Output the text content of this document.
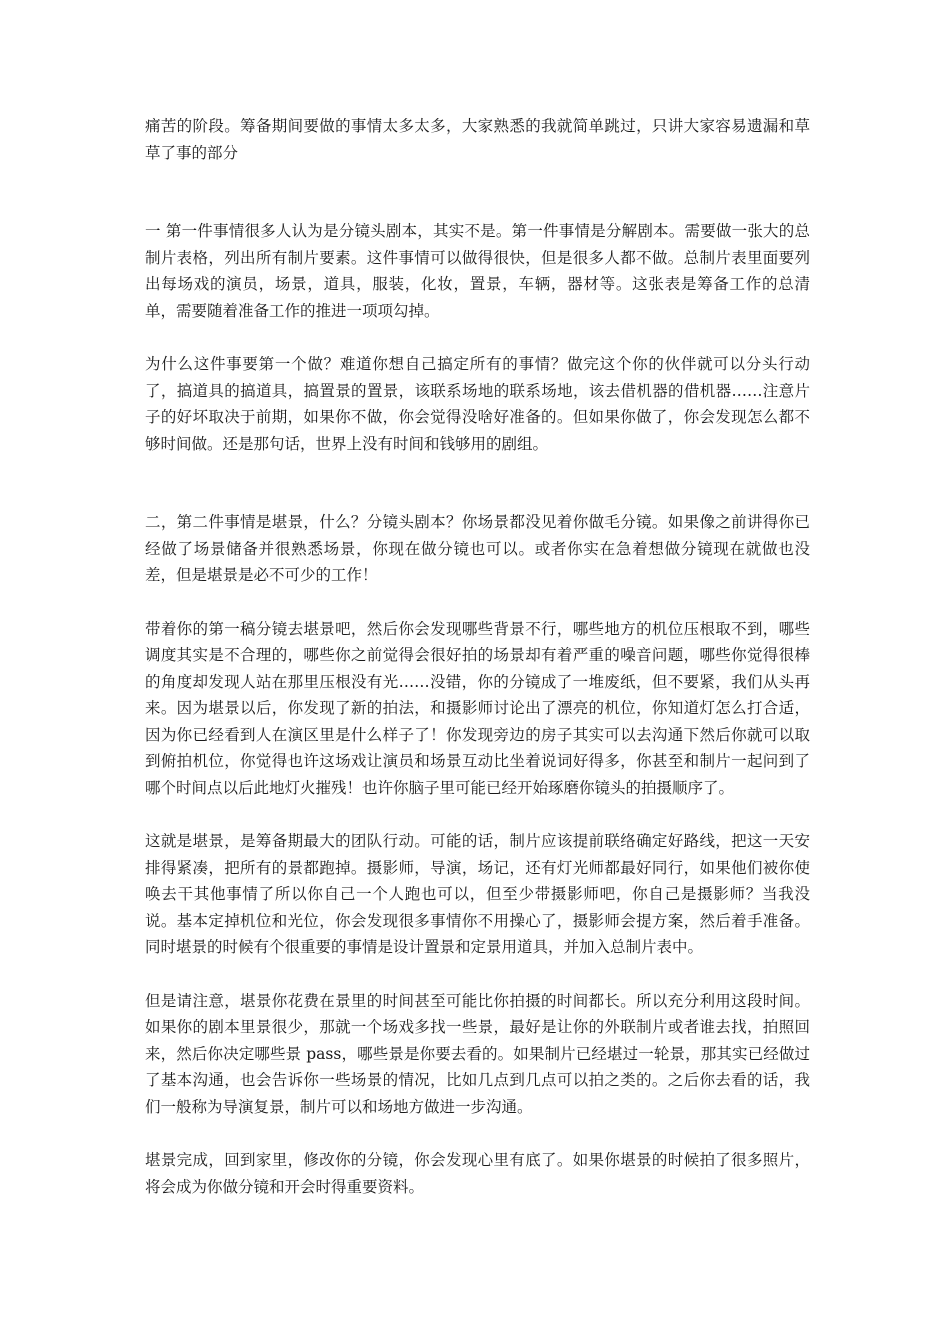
痛苦的阶段。筹备期间要做的事情太多太多，大家熟悉的我就简单跳过，只讲大家容易遗漏和草草了事的部分

一 第一件事情很多人认为是分镜头剧本，其实不是。第一件事情是分解剧本。需要做一张大的总制片表格，列出所有制片要素。这件事情可以做得很快，但是很多人都不做。总制片表里面要列出每场戏的演员，场景，道具，服装，化妆，置景，车辆，器材等。这张表是筹备工作的总清单，需要随着准备工作的推进一项项勾掉。

为什么这件事要第一个做？难道你想自己搞定所有的事情？做完这个你的伙伴就可以分头行动了，搞道具的搞道具，搞置景的置景，该联系场地的联系场地，该去借机器的借机器……注意片子的好坏取决于前期，如果你不做，你会觉得没啥好准备的。但如果你做了，你会发现怎么都不够时间做。还是那句话，世界上没有时间和钱够用的剧组。

二，第二件事情是堪景，什么？分镜头剧本？你场景都没见着你做毛分镜。如果像之前讲得你已经做了场景储备并很熟悉场景，你现在做分镜也可以。或者你实在急着想做分镜现在就做也没差，但是堪景是必不可少的工作！

带着你的第一稿分镜去堪景吧，然后你会发现哪些背景不行，哪些地方的机位压根取不到，哪些调度其实是不合理的，哪些你之前觉得会很好拍的场景却有着严重的噪音问题，哪些你觉得很棒的角度却发现人站在那里压根没有光……没错，你的分镜成了一堆废纸，但不要紧，我们从头再来。因为堪景以后，你发现了新的拍法，和摄影师讨论出了漂亮的机位，你知道灯怎么打合适，因为你已经看到人在演区里是什么样子了！你发现旁边的房子其实可以去沟通下然后你就可以取到俯拍机位，你觉得也许这场戏让演员和场景互动比坐着说词好得多，你甚至和制片一起问到了哪个时间点以后此地灯火摧残！也许你脑子里可能已经开始琢磨你镜头的拍摄顺序了。

这就是堪景，是筹备期最大的团队行动。可能的话，制片应该提前联络确定好路线，把这一天安排得紧凑，把所有的景都跑掉。摄影师，导演，场记，还有灯光师都最好同行，如果他们被你使唤去干其他事情了所以你自己一个人跑也可以，但至少带摄影师吧，你自己是摄影师？当我没说。基本定掉机位和光位，你会发现很多事情你不用操心了，摄影师会提方案，然后着手准备。同时堪景的时候有个很重要的事情是设计置景和定景用道具，并加入总制片表中。

但是请注意，堪景你花费在景里的时间甚至可能比你拍摄的时间都长。所以充分利用这段时间。如果你的剧本里景很少，那就一个场戏多找一些景，最好是让你的外联制片或者谁去找，拍照回来，然后你决定哪些景 pass，哪些景是你要去看的。如果制片已经堪过一轮景，那其实已经做过了基本沟通，也会告诉你一些场景的情况，比如几点到几点可以拍之类的。之后你去看的话，我们一般称为导演复景，制片可以和场地方做进一步沟通。

堪景完成，回到家里，修改你的分镜，你会发现心里有底了。如果你堪景的时候拍了很多照片，将会成为你做分镜和开会时得重要资料。
